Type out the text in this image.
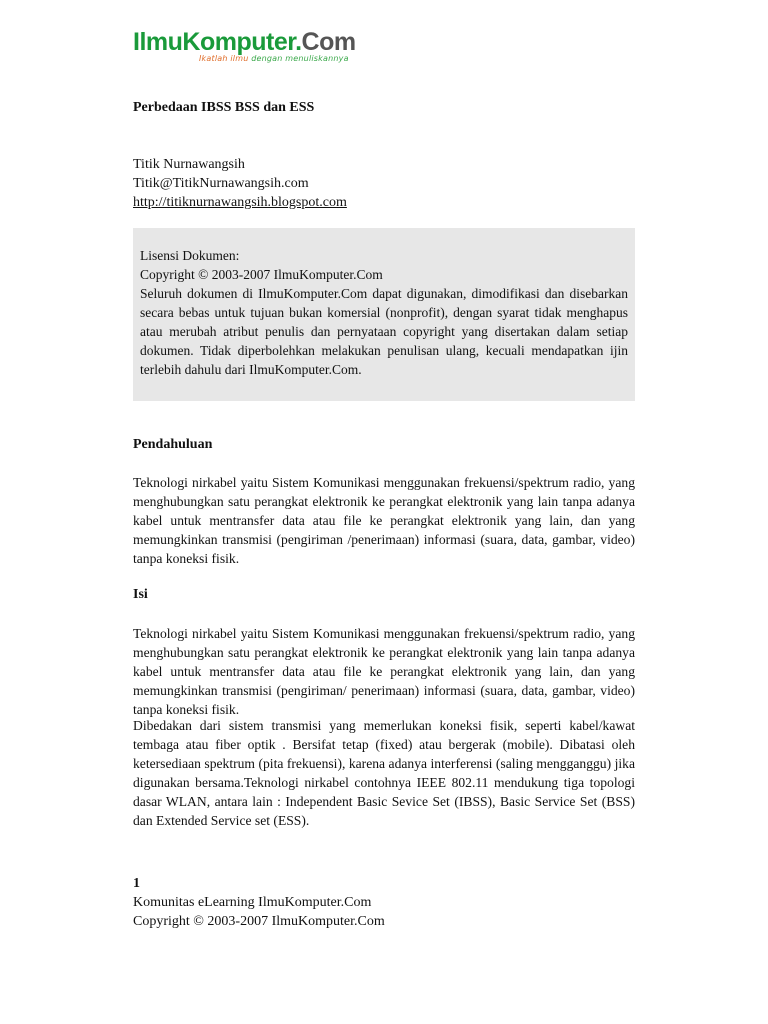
IlmuKomputer.Com
Ikatlah ilmu dengan menuliskannya
Perbedaan IBSS BSS dan ESS
Titik Nurnawangsih
Titik@TitikNurnawangsih.com
http://titiknurnawangsih.blogspot.com
Lisensi Dokumen:
Copyright © 2003-2007 IlmuKomputer.Com
Seluruh dokumen di IlmuKomputer.Com dapat digunakan, dimodifikasi dan disebarkan secara bebas untuk tujuan bukan komersial (nonprofit), dengan syarat tidak menghapus atau merubah atribut penulis dan pernyataan copyright yang disertakan dalam setiap dokumen. Tidak diperbolehkan melakukan penulisan ulang, kecuali mendapatkan ijin terlebih dahulu dari IlmuKomputer.Com.
Pendahuluan
Teknologi nirkabel yaitu Sistem Komunikasi menggunakan frekuensi/spektrum radio, yang menghubungkan satu perangkat elektronik ke perangkat elektronik yang lain tanpa adanya kabel untuk mentransfer data atau file ke perangkat elektronik yang lain, dan yang memungkinkan transmisi (pengiriman /penerimaan) informasi (suara, data, gambar, video) tanpa koneksi fisik.
Isi
Teknologi nirkabel yaitu Sistem Komunikasi menggunakan frekuensi/spektrum radio, yang menghubungkan satu perangkat elektronik ke perangkat elektronik yang lain tanpa adanya kabel untuk mentransfer data atau file ke perangkat elektronik yang lain, dan yang memungkinkan transmisi (pengiriman/ penerimaan) informasi (suara, data, gambar, video) tanpa koneksi fisik.
Dibedakan dari sistem transmisi yang memerlukan koneksi fisik, seperti kabel/kawat tembaga atau fiber optik . Bersifat tetap (fixed) atau bergerak (mobile). Dibatasi oleh ketersediaan spektrum (pita frekuensi), karena adanya interferensi (saling mengganggu) jika digunakan bersama.Teknologi nirkabel contohnya IEEE 802.11 mendukung tiga topologi dasar WLAN, antara lain : Independent Basic Sevice Set (IBSS), Basic Service Set (BSS) dan Extended Service set (ESS).
1
Komunitas eLearning IlmuKomputer.Com
Copyright © 2003-2007 IlmuKomputer.Com
